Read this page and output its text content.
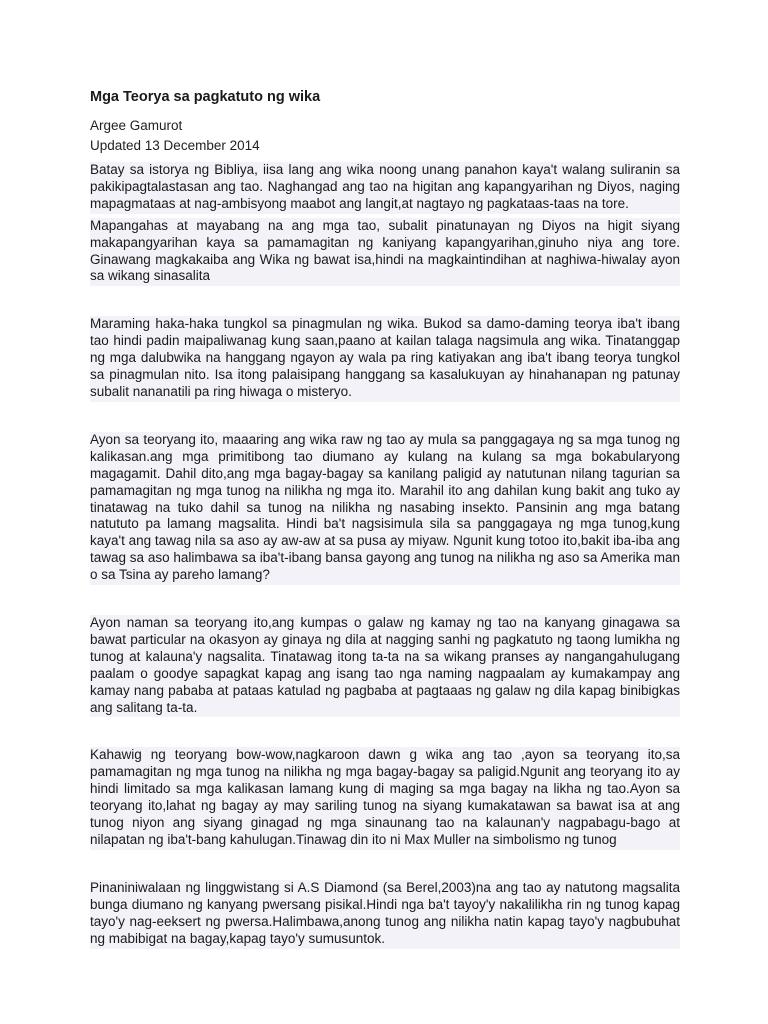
Mga Teorya sa pagkatuto ng wika
Argee Gamurot
Updated 13 December 2014

Batay sa istorya ng Bibliya, iisa lang ang wika noong unang panahon kaya't walang suliranin sa pakikipagtalastasan ang tao. Naghangad ang tao na higitan ang kapangyarihan ng Diyos, naging mapagmataas at nag-ambisyong maabot ang langit,at nagtayo ng pagkataas-taas na tore.

Mapangahas at mayabang na ang mga tao, subalit pinatunayan ng Diyos na higit siyang makapangyarihan kaya sa pamamagitan ng kaniyang kapangyarihan,ginuho niya ang tore. Ginawang magkakaiba ang Wika ng bawat isa,hindi na magkaintindihan at naghiwa-hiwalay ayon sa wikang sinasalita

Maraming haka-haka tungkol sa pinagmulan ng wika. Bukod sa damo-daming teorya iba't ibang tao hindi padin maipaliwanag kung saan,paano at kailan talaga nagsimula ang wika. Tinatanggap ng mga dalubwika na hanggang ngayon ay wala pa ring katiyakan ang iba't ibang teorya tungkol sa pinagmulan nito. Isa itong palaisipang hanggang sa kasalukuyan ay hinahanapan ng patunay subalit nananatili pa ring hiwaga o misteryo.

Ayon sa teoryang ito, maaaring ang wika raw ng tao ay mula sa panggagaya ng sa mga tunog ng kalikasan.ang mga primitibong tao diumano ay kulang na kulang sa mga bokabularyong magagamit. Dahil dito,ang mga bagay-bagay sa kanilang paligid ay natutunan nilang tagurian sa pamamagitan ng mga tunog na nilikha ng mga ito. Marahil ito ang dahilan kung bakit ang tuko ay tinatawag na tuko dahil sa tunog na nilikha ng nasabing insekto. Pansinin ang mga batang natututo pa lamang magsalita. Hindi ba't nagsisimula sila sa panggagaya ng mga tunog,kung kaya't ang tawag nila sa aso ay aw-aw at sa pusa ay miyaw. Ngunit kung totoo ito,bakit iba-iba ang tawag sa aso halimbawa sa iba't-ibang bansa gayong ang tunog na nilikha ng aso sa Amerika man o sa Tsina ay pareho lamang?

Ayon naman sa teoryang ito,ang kumpas o galaw ng kamay ng tao na kanyang ginagawa sa bawat particular na okasyon ay ginaya ng dila at nagging sanhi ng pagkatuto ng taong lumikha ng tunog at kalauna'y nagsalita. Tinatawag itong ta-ta na sa wikang pranses ay nangangahulugang paalam o goodye sapagkat kapag ang isang tao nga naming nagpaalam ay kumakampay ang kamay nang pababa at pataas katulad ng pagbaba at pagtaaas ng galaw ng dila kapag binibigkas ang salitang ta-ta.

Kahawig ng teoryang bow-wow,nagkaroon dawn g wika ang tao ,ayon sa teoryang ito,sa pamamagitan ng mga tunog na nilikha ng mga bagay-bagay sa paligid.Ngunit ang teoryang ito ay hindi limitado sa mga kalikasan lamang kung di maging sa mga bagay na likha ng tao.Ayon sa teoryang ito,lahat ng bagay ay may sariling tunog na siyang kumakatawan sa bawat isa at ang tunog niyon ang siyang ginagad ng mga sinaunang tao na kalaunan'y nagpabagu-bago at nilapatan ng iba't-bang kahulugan.Tinawag din ito ni Max Muller na simbolismo ng tunog

Pinaniniwalaan ng linggwistang si A.S Diamond (sa Berel,2003)na ang tao ay natutong magsalita bunga diumano ng kanyang pwersang pisikal.Hindi nga ba't tayoy'y nakalilikha rin ng tunog kapag tayo'y nag-eeksert ng pwersa.Halimbawa,anong tunog ang nilikha natin kapag tayo'y nagbubuhat ng mabibigat na bagay,kapag tayo'y sumusuntok.
